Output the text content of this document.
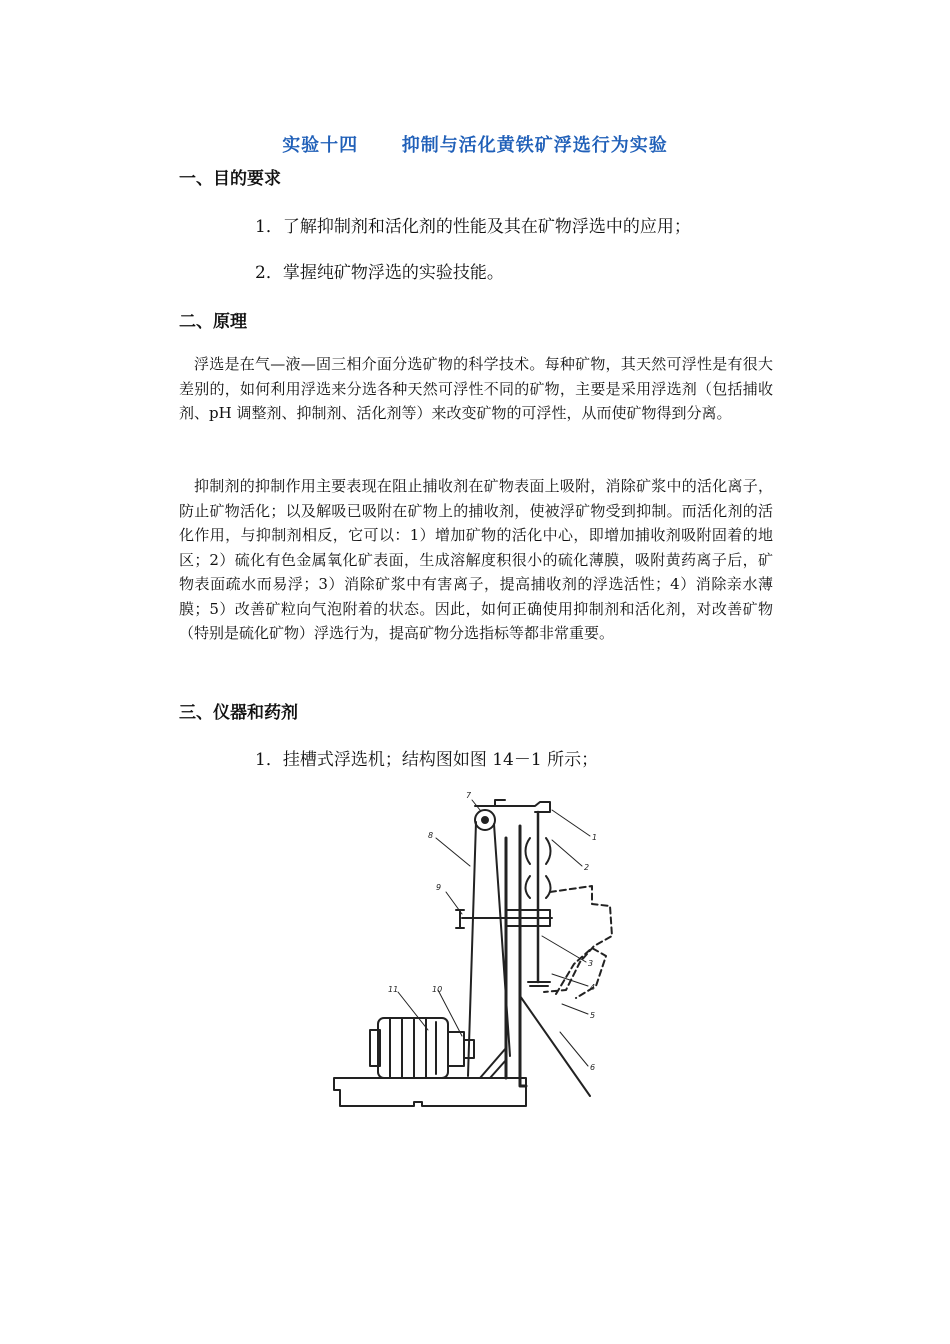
实验十四      抑制与活化黄铁矿浮选行为实验
一、目的要求
1．了解抑制剂和活化剂的性能及其在矿物浮选中的应用；
2．掌握纯矿物浮选的实验技能。
二、原理

浮选是在气—液—固三相介面分选矿物的科学技术。每种矿物，其天然可浮性是有很大差别的，如何利用浮选来分选各种天然可浮性不同的矿物，主要是采用浮选剂（包括捕收剂、pH 调整剂、抑制剂、活化剂等）来改变矿物的可浮性，从而使矿物得到分离。

抑制剂的抑制作用主要表现在阻止捕收剂在矿物表面上吸附，消除矿浆中的活化离子，防止矿物活化；以及解吸已吸附在矿物上的捕收剂，使被浮矿物受到抑制。而活化剂的活化作用，与抑制剂相反，它可以：1）增加矿物的活化中心，即增加捕收剂吸附固着的地区；2）硫化有色金属氧化矿表面，生成溶解度积很小的硫化薄膜，吸附黄药离子后，矿物表面疏水而易浮；3）消除矿浆中有害离子，提高捕收剂的浮选活性；4）消除亲水薄膜；5）改善矿粒向气泡附着的状态。因此，如何正确使用抑制剂和活化剂，对改善矿物（特别是硫化矿物）浮选行为，提高矿物分选指标等都非常重要。

三、仪器和药剂
1．挂槽式浮选机；结构图如图 14－1 所示；
7
8
9
11	10
1
2
3
4
5
6
